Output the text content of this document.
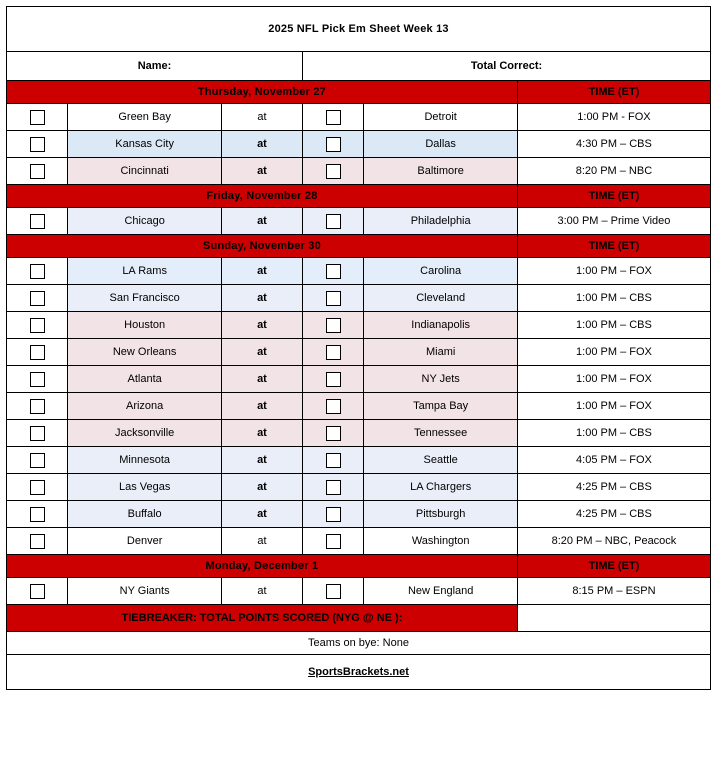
2025 NFL Pick Em Sheet Week 13					
Name:			Total Correct:		
Thursday, November 27					TIME (ET)
	Green Bay	at		Detroit	1:00 PM - FOX
	Kansas City	at		Dallas	4:30 PM – CBS
	Cincinnati	at		Baltimore	8:20 PM – NBC
Friday, November 28					TIME (ET)
	Chicago	at		Philadelphia	3:00 PM – Prime Video
Sunday, November 30					TIME (ET)
	LA Rams	at		Carolina	1:00 PM – FOX
	San Francisco	at		Cleveland	1:00 PM – CBS
	Houston	at		Indianapolis	1:00 PM – CBS
	New Orleans	at		Miami	1:00 PM – FOX
	Atlanta	at		NY Jets	1:00 PM – FOX
	Arizona	at		Tampa Bay	1:00 PM – FOX
	Jacksonville	at		Tennessee	1:00 PM – CBS
	Minnesota	at		Seattle	4:05 PM – FOX
	Las Vegas	at		LA Chargers	4:25 PM – CBS
	Buffalo	at		Pittsburgh	4:25 PM – CBS
	Denver	at		Washington	8:20 PM – NBC, Peacock
Monday, December 1					TIME (ET)
	NY Giants	at		New England	8:15 PM – ESPN
TIEBREAKER: TOTAL POINTS SCORED (NYG @ NE ):					
Teams on bye: None					
SportsBrackets.net					
